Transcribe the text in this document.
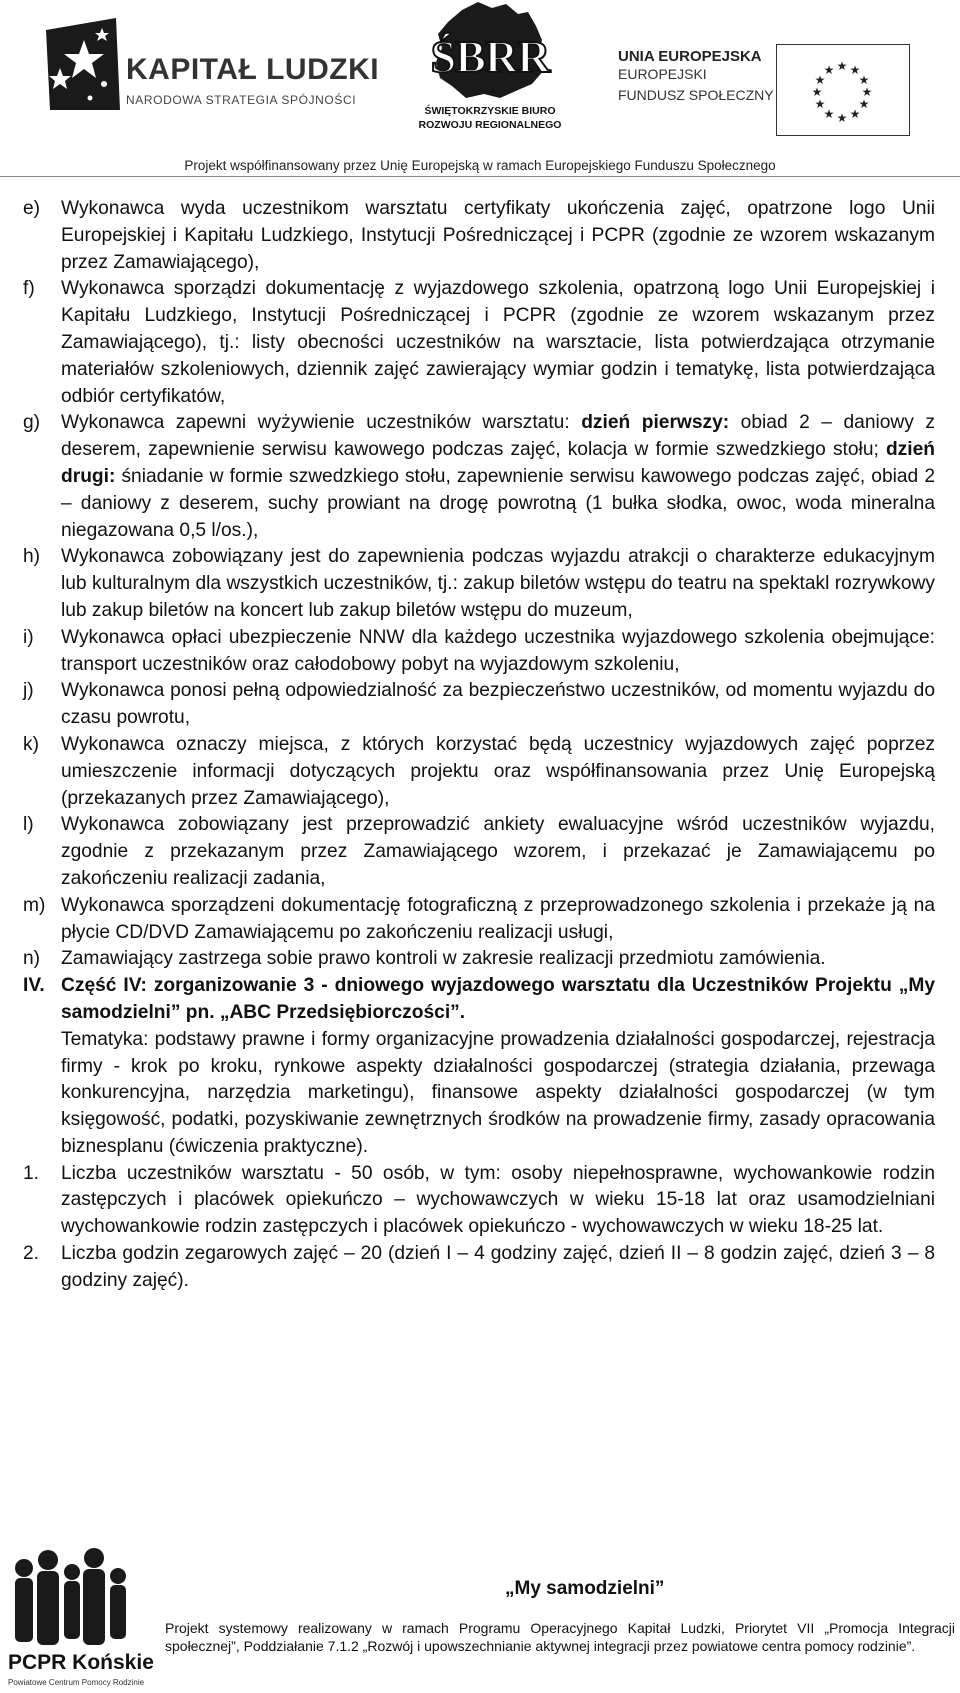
KAPITAŁ LUDZKI
NARODOWA STRATEGIA SPÓJNOŚCI
ŚBRR
ŚWIĘTOKRZYSKIE BIURO
ROZWOJU REGIONALNEGO
UNIA EUROPEJSKA
EUROPEJSKI
FUNDUSZ SPOŁECZNY
★ ★
★
★
★
★
★
★
★
★
★
★
Projekt współfinansowany przez Unię Europejską w ramach Europejskiego Funduszu Społecznego
e)	Wykonawca wyda uczestnikom warsztatu certyfikaty ukończenia zajęć, opatrzone logo Unii Europejskiej i Kapitału Ludzkiego, Instytucji Pośredniczącej i PCPR (zgodnie ze wzorem wskazanym przez Zamawiającego),
f)	Wykonawca sporządzi dokumentację z wyjazdowego szkolenia, opatrzoną logo Unii Europejskiej i Kapitału Ludzkiego, Instytucji Pośredniczącej i PCPR (zgodnie ze wzorem wskazanym przez Zamawiającego), tj.: listy obecności uczestników na warsztacie, lista potwierdzająca otrzymanie materiałów szkoleniowych, dziennik zajęć zawierający wymiar godzin i tematykę, lista potwierdzająca odbiór certyfikatów,
g)	Wykonawca zapewni wyżywienie uczestników warsztatu: dzień pierwszy: obiad 2 – daniowy z deserem, zapewnienie serwisu kawowego podczas zajęć, kolacja w formie szwedzkiego stołu; dzień drugi: śniadanie w formie szwedzkiego stołu, zapewnienie serwisu kawowego podczas zajęć, obiad 2 – daniowy z deserem, suchy prowiant na drogę powrotną (1 bułka słodka, owoc, woda mineralna niegazowana 0,5 l/os.),
h)	Wykonawca zobowiązany jest do zapewnienia podczas wyjazdu atrakcji o charakterze edukacyjnym lub kulturalnym dla wszystkich uczestników, tj.: zakup biletów wstępu do teatru na spektakl rozrywkowy lub zakup biletów na koncert lub zakup biletów wstępu do muzeum,
i)	Wykonawca opłaci ubezpieczenie NNW dla każdego uczestnika wyjazdowego szkolenia obejmujące: transport uczestników oraz całodobowy pobyt na wyjazdowym szkoleniu,
j)	Wykonawca ponosi pełną odpowiedzialność za bezpieczeństwo uczestników, od momentu wyjazdu do czasu powrotu,
k)	Wykonawca oznaczy miejsca, z których korzystać będą uczestnicy wyjazdowych zajęć poprzez umieszczenie informacji dotyczących projektu oraz współfinansowania przez Unię Europejską (przekazanych przez Zamawiającego),
l)	Wykonawca zobowiązany jest przeprowadzić ankiety ewaluacyjne wśród uczestników wyjazdu, zgodnie z przekazanym przez Zamawiającego wzorem, i przekazać je Zamawiającemu po zakończeniu realizacji zadania,
m) Wykonawca sporządzeni dokumentację fotograficzną z przeprowadzonego szkolenia i przekaże ją na płycie CD/DVD Zamawiającemu po zakończeniu realizacji usługi,
n)	Zamawiający zastrzega sobie prawo kontroli w zakresie realizacji przedmiotu zamówienia.
IV. Część IV: zorganizowanie 3 - dniowego wyjazdowego warsztatu dla Uczestników Projektu „My samodzielni” pn. „ABC Przedsiębiorczości”.
Tematyka: podstawy prawne i formy organizacyjne prowadzenia działalności gospodarczej, rejestracja firmy - krok po kroku, rynkowe aspekty działalności gospodarczej (strategia działania, przewaga konkurencyjna, narzędzia marketingu), finansowe aspekty działalności gospodarczej (w tym księgowość, podatki, pozyskiwanie zewnętrznych środków na prowadzenie firmy, zasady opracowania biznesplanu (ćwiczenia praktyczne).
1.	Liczba uczestników warsztatu - 50 osób, w tym: osoby niepełnosprawne, wychowankowie rodzin zastępczych i placówek opiekuńczo – wychowawczych w wieku 15-18 lat oraz usamodzielniani wychowankowie rodzin zastępczych i placówek opiekuńczo - wychowawczych w wieku 18-25 lat.
2.	Liczba godzin zegarowych zajęć – 20 (dzień I – 4 godziny zajęć, dzień II – 8 godzin zajęć, dzień 3 – 8 godziny zajęć).
PCPR Końskie
Powiatowe Centrum Pomocy Rodzinie
„My samodzielni”
Projekt systemowy realizowany w ramach Programu Operacyjnego Kapitał Ludzki, Priorytet VII „Promocja Integracji społecznej”, Poddziałanie 7.1.2 „Rozwój i upowszechnianie aktywnej integracji przez powiatowe centra pomocy rodzinie”.
